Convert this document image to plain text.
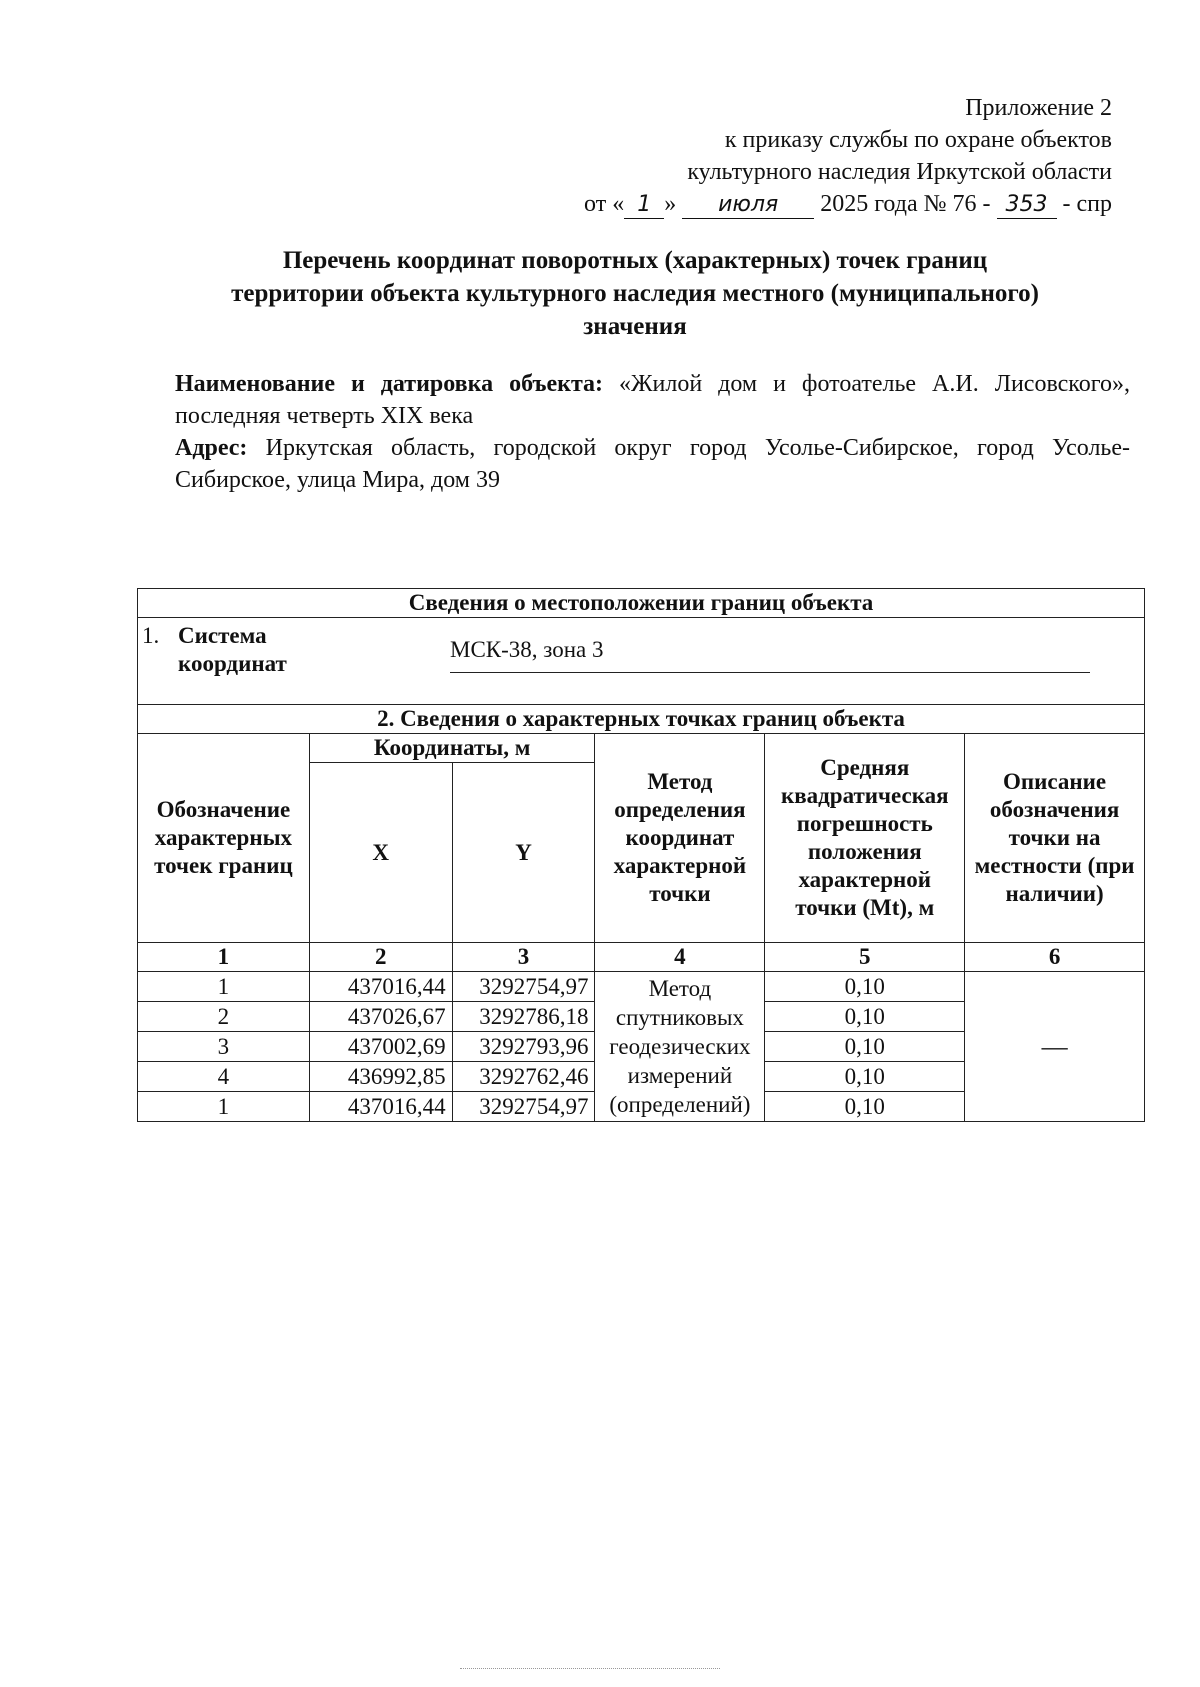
Приложение 2
к приказу службы по охране объектов
культурного наследия Иркутской области
от « 1 » июля 2025 года № 76 - 353 - спр
Перечень координат поворотных (характерных) точек границ
территории объекта культурного наследия местного (муниципального)
значения

Наименование и датировка объекта: «Жилой дом и фотоателье А.И. Лисовского», последняя четверть XIX века

Адрес: Иркутская область, городской округ город Усолье-Сибирское, город Усолье-Сибирское, улица Мира, дом 39

Сведения о местоположении границ объекта					

1. Система координат
МСК-38, зона 3					

2. Сведения о характерных точках границ объекта					
Обозначение характерных точек границ	Координаты, м		Метод определения координат характерной точки	Средняя квадратическая погрешность положения характерной точки (Mt), м	Описание обозначения точки на местности (при наличии)
	X	Y			
1	2	3	4	5	6
1	437016,44	3292754,97	Метод спутниковых геодезических измерений (определений)	0,10	—
2	437026,67	3292786,18		0,10	
3	437002,69	3292793,96		0,10	
4	436992,85	3292762,46		0,10	
1	437016,44	3292754,97		0,10	
